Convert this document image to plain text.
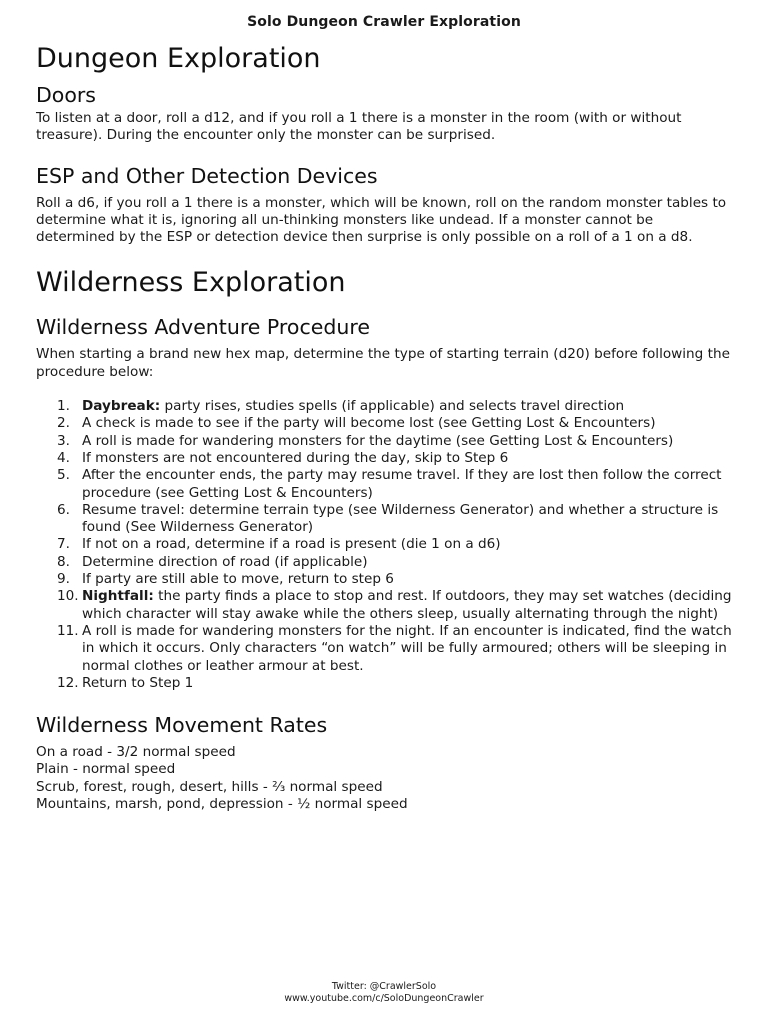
Solo Dungeon Crawler Exploration
Dungeon Exploration
Doors

To listen at a door, roll a d12, and if you roll a 1 there is a monster in the room (with or without treasure). During the encounter only the monster can be surprised.

ESP and Other Detection Devices

Roll a d6, if you roll a 1 there is a monster, which will be known, roll on the random monster tables to determine what it is, ignoring all un-thinking monsters like undead. If a monster cannot be determined by the ESP or detection device then surprise is only possible on a roll of a 1 on a d8.

Wilderness Exploration
Wilderness Adventure Procedure

When starting a brand new hex map, determine the type of starting terrain (d20) before following the procedure below:

1. Daybreak: party rises, studies spells (if applicable) and selects travel direction
2. A check is made to see if the party will become lost (see Getting Lost & Encounters)
3. A roll is made for wandering monsters for the daytime (see Getting Lost & Encounters)
4. If monsters are not encountered during the day, skip to Step 6
5. After the encounter ends, the party may resume travel. If they are lost then follow the correct procedure (see Getting Lost & Encounters)
6. Resume travel: determine terrain type (see Wilderness Generator) and whether a structure is found (See Wilderness Generator)
7. If not on a road, determine if a road is present (die 1 on a d6)
8. Determine direction of road (if applicable)
9. If party are still able to move, return to step 6
10. Nightfall: the party finds a place to stop and rest. If outdoors, they may set watches (deciding which character will stay awake while the others sleep, usually alternating through the night)
11. A roll is made for wandering monsters for the night. If an encounter is indicated, find the watch in which it occurs. Only characters “on watch” will be fully armoured; others will be sleeping in normal clothes or leather armour at best.
12. Return to Step 1
Wilderness Movement Rates
On a road - 3/2 normal speed
Plain - normal speed
Scrub, forest, rough, desert, hills - ⅔ normal speed
Mountains, marsh, pond, depression - ½ normal speed
Twitter: @CrawlerSolo
www.youtube.com/c/SoloDungeonCrawler
